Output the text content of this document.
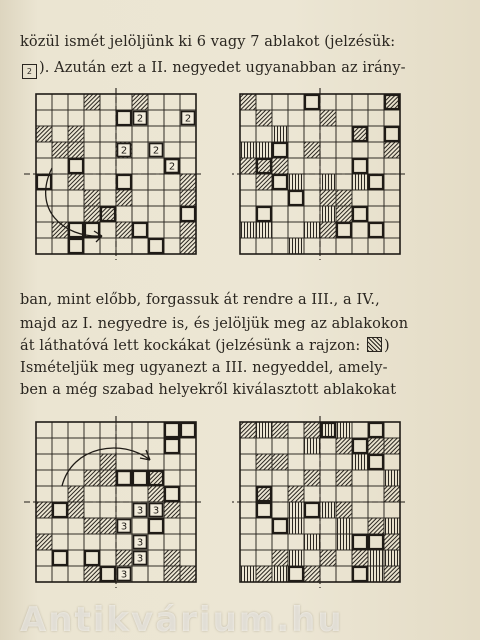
közül ismét jelöljünk ki 6 vagy 7 ablakot (jelzésük:
2 ). Azután ezt a II. negyedet ugyanabban az irány-
2	2
2	2
2
ban, mint előbb, forgassuk át rendre a III., a IV.,
majd az I. negyedre is, és jelöljük meg az ablakokon
át láthatóvá lett kockákat (jelzésünk a rajzon: )
Ismételjük meg ugyanezt a III. negyeddel, amely-
ben a még szabad helyekről kiválasztott ablakokat
3 3
3
3
3
3
Antikvárium.hu
